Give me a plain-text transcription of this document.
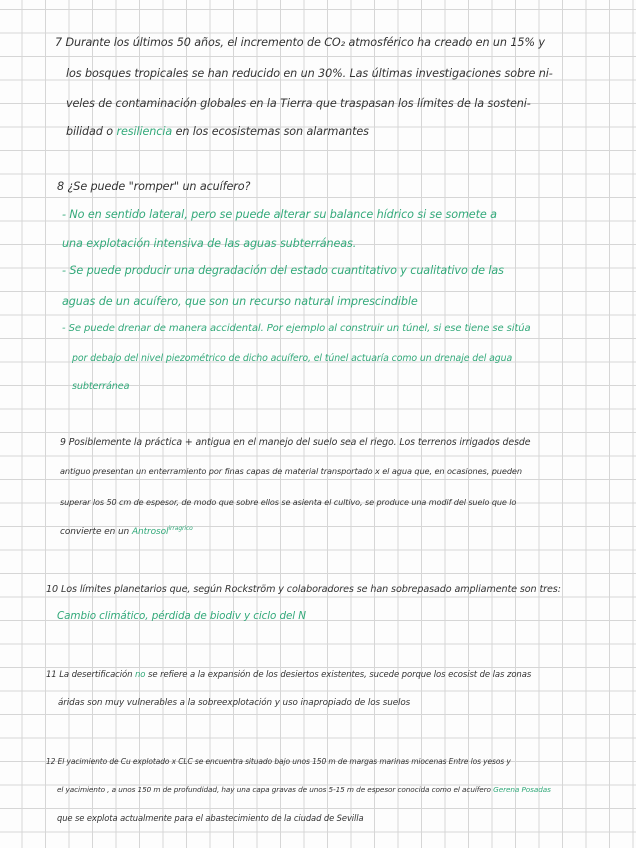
7 Durante los últimos 50 años, el incremento de CO₂ atmosférico ha creado en un 15% y
los bosques tropicales se han reducido en un 30%. Las últimas investigaciones sobre ni-
veles de contaminación globales en la Tierra que traspasan los límites de la sosteni-
bilidad o resiliencia en los ecosistemas son alarmantes
8 ¿Se puede "romper" un acuífero?
- No en sentido lateral, pero se puede alterar su balance hídrico si se somete a
una explotación intensiva de las aguas subterráneas.
- Se puede producir una degradación del estado cuantitativo y cualitativo de las
aguas de un acuífero, que son un recurso natural imprescindible
- Se puede drenar de manera accidental. Por ejemplo al construir un túnel, si ese tiene se sitúa
por debajo del nivel piezométrico de dicho acuífero, el túnel actuaría como un drenaje del agua
subterránea
9 Posiblemente la práctica + antigua en el manejo del suelo sea el riego. Los terrenos irrigados desde
antiguo presentan un enterramiento por finas capas de material transportado x el agua que, en ocasiones, pueden
superar los 50 cm de espesor, de modo que sobre ellos se asienta el cultivo, se produce una modif del suelo que lo
convierte en un Antrosol$^{irragrico}$
10 Los límites planetarios que, según Rockström y colaboradores se han sobrepasado ampliamente son tres:
Cambio climático, pérdida de biodiv y ciclo del N
11 La desertificación no se refiere a la expansión de los desiertos existentes, sucede porque los ecosist de las zonas
áridas son muy vulnerables a la sobreexplotación y uso inapropiado de los suelos
12 El yacimiento de Cu explotado x CLC se encuentra situado bajo unos 150 m de margas marinas miocenas Entre los yesos y
el yacimiento , a unos 150 m de profundidad, hay una capa gravas de unos 5-15 m de espesor conocida como el acuífero Gerena Posadas
que se explota actualmente para el abastecimiento de la ciudad de Sevilla
